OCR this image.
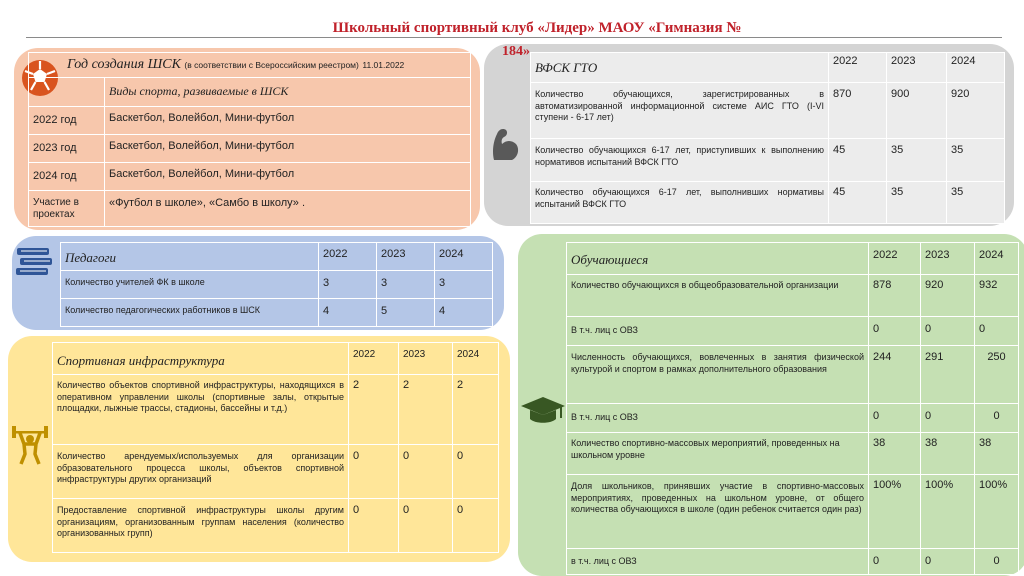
Школьный спортивный клуб «Лидер» МАОУ «Гимназия №
184»
Год создания ШСК (в соответствии с Всероссийским реестром) 11.01.2022	
	Виды спорта, развиваемые в ШСК
2022 год	Баскетбол, Волейбол, Мини-футбол
2023 год	Баскетбол, Волейбол, Мини-футбол
2024 год	Баскетбол, Волейбол, Мини-футбол
Участие в проектах	«Футбол в школе», «Самбо в школу» .
ВФСК ГТО	2022	2023	2024
Количество обучающихся, зарегистрированных в автоматизированной информационной системе АИС ГТО (I-VI ступени - 6-17 лет)	870	900	920
Количество обучающихся 6-17 лет, приступивших к выполнению нормативов испытаний ВФСК ГТО	45	35	35
Количество обучающихся 6-17 лет, выполнивших нормативы испытаний ВФСК ГТО	45	35	35
Педагоги	2022	2023	2024
Количество учителей ФК в школе	3	3	3
Количество педагогических работников в ШСК	4	5	4
Спортивная инфраструктура	2022	2023	2024
Количество объектов спортивной инфраструктуры, находящихся в оперативном управлении школы (спортивные залы, открытые площадки, лыжные трассы, стадионы, бассейны и т.д.)	2	2	2
Количество арендуемых/используемых для организации образовательного процесса школы, объектов спортивной инфраструктуры других организаций	0	0	0
Предоставление спортивной инфраструктуры школы другим организациям, организованным группам населения (количество организованных групп)	0	0	0
Обучающиеся	2022	2023	2024
Количество обучающихся в общеобразовательной организации	878	920	932
В т.ч. лиц с ОВЗ	0	0	0
Численность обучающихся, вовлеченных в занятия физической культурой и спортом в рамках дополнительного образования	244	291	250
В т.ч. лиц с ОВЗ	0	0	0
Количество спортивно-массовых мероприятий, проведенных на школьном уровне	38	38	38
Доля школьников, принявших участие в спортивно-массовых мероприятиях, проведенных на школьном уровне, от общего количества обучающихся в школе (один ребенок считается один раз)	100%	100%	100%
в т.ч. лиц с ОВЗ	0	0	0
